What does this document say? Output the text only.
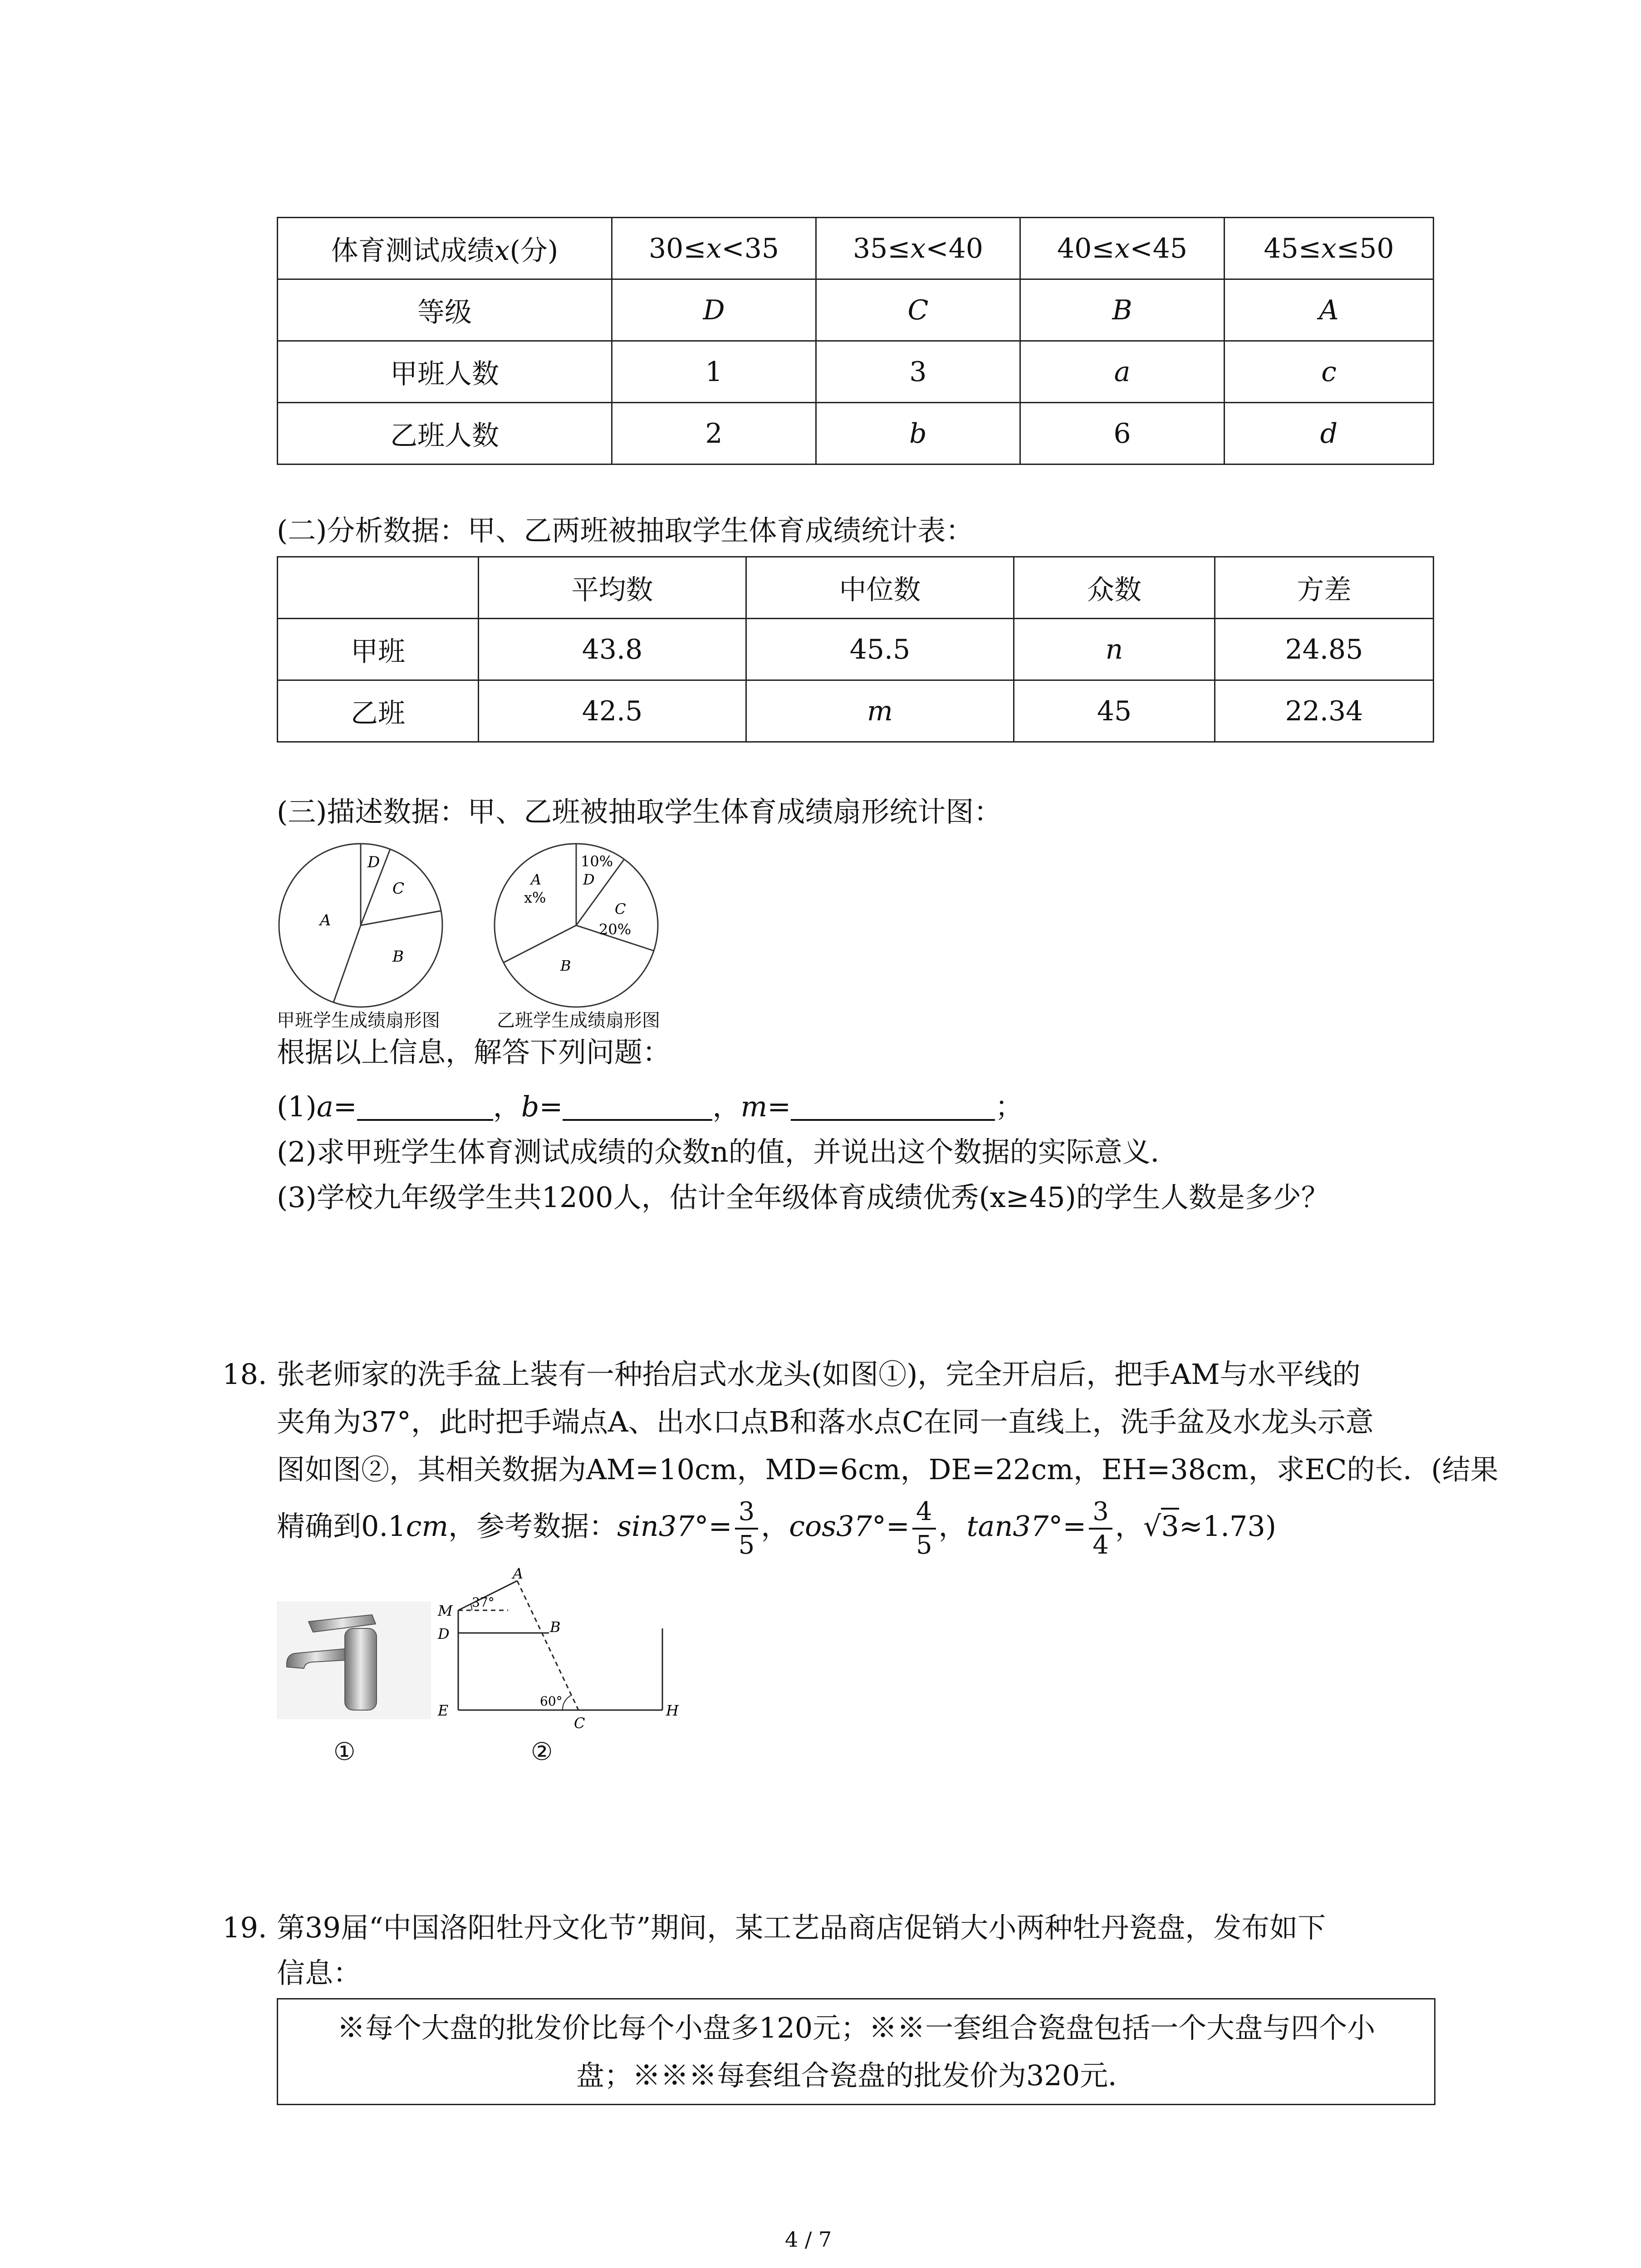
体育测试成绩x(分)	30≤x<35	35≤x<40	40≤x<45	45≤x≤50
等级	D	C	B	A
甲班人数	1	3	a	c
乙班人数	2	b	6	d
(二)分析数据：甲、乙两班被抽取学生体育成绩统计表：
	平均数	中位数	众数	方差
甲班	43.8	45.5	n	24.85
乙班	42.5	m	45	22.34
(三)描述数据：甲、乙班被抽取学生体育成绩扇形统计图：
D
C
A
B
甲班学生成绩扇形图
A
x%
10%
D
C
20%
B
乙班学生成绩扇形图
根据以上信息，解答下列问题：
(1)a=	，b=	，m=	；
(2)求甲班学生体育测试成绩的众数n的值，并说出这个数据的实际意义．
(3)学校九年级学生共1200人，估计全年级体育成绩优秀(x≥45)的学生人数是多少？
18. 张老师家的洗手盆上装有一种抬启式水龙头(如图①)，完全开启后，把手AM与水平线的
夹角为37°，此时把手端点A、出水口点B和落水点C在同一直线上，洗手盆及水龙头示意
图如图②，其相关数据为AM=10cm，MD=6cm，DE=22cm，EH=38cm，求EC的长．(结果
精确到0.1cm，参考数据：$\sin 37^\circ= \frac{3}{5}$ ，$\cos 37^\circ= \frac{4}{5}$ ，$\tan 37^\circ= \frac{3}{4}$ ，√3≈1.73)
①
A
M
D	B
E
C
H
37°
60°
②
19. 第39届“中国洛阳牡丹文化节”期间，某工艺品商店促销大小两种牡丹瓷盘，发布如下
信息：
※每个大盘的批发价比每个小盘多120元；※※一套组合瓷盘包括一个大盘与四个小
盘；※※※每套组合瓷盘的批发价为320元．
4 / 7
